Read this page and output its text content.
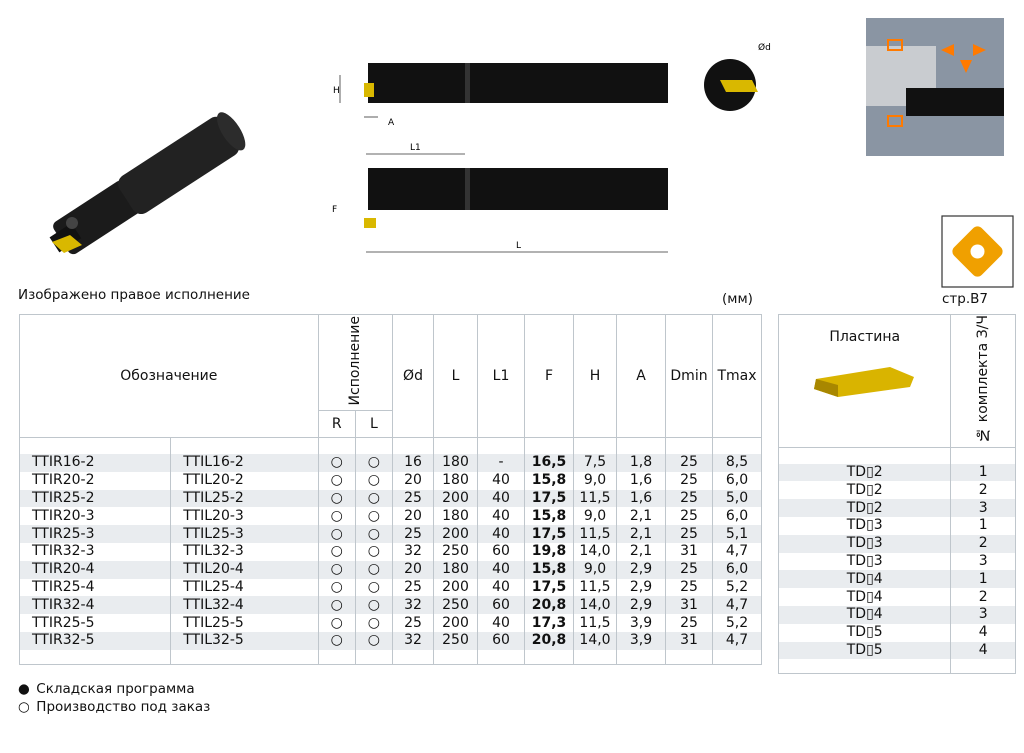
H
A
L1
F
L
Ød
Изображено правое исполнение	(мм)	стр.В7
Обозначение		Исполнение		Ød	L	L1	F	H	A	Dmin	Tmax
		R	L								

TTIR16-2	TTIL16-2	○	○	16	180	-	16,5	7,5	1,8	25	8,5
TTIR20-2	TTIL20-2	○	○	20	180	40	15,8	9,0	1,6	25	6,0
TTIR25-2	TTIL25-2	○	○	25	200	40	17,5	11,5	1,6	25	5,0
TTIR20-3	TTIL20-3	○	○	20	180	40	15,8	9,0	2,1	25	6,0
TTIR25-3	TTIL25-3	○	○	25	200	40	17,5	11,5	2,1	25	5,1
TTIR32-3	TTIL32-3	○	○	32	250	60	19,8	14,0	2,1	31	4,7
TTIR20-4	TTIL20-4	○	○	20	180	40	15,8	9,0	2,9	25	6,0
TTIR25-4	TTIL25-4	○	○	25	200	40	17,5	11,5	2,9	25	5,2
TTIR32-4	TTIL32-4	○	○	32	250	60	20,8	14,0	2,9	31	4,7
TTIR25-5	TTIL25-5	○	○	25	200	40	17,3	11,5	3,9	25	5,2
TTIR32-5	TTIL32-5	○	○	32	250	60	20,8	14,0	3,9	31	4,7

Пластина	№ комплекта З/Ч

TD▯2	1
TD▯2	2
TD▯2	3
TD▯3	1
TD▯3	2
TD▯3	3
TD▯4	1
TD▯4	2
TD▯4	3
TD▯5	4
TD▯5	4

● Складская программа
○ Производство под заказ
